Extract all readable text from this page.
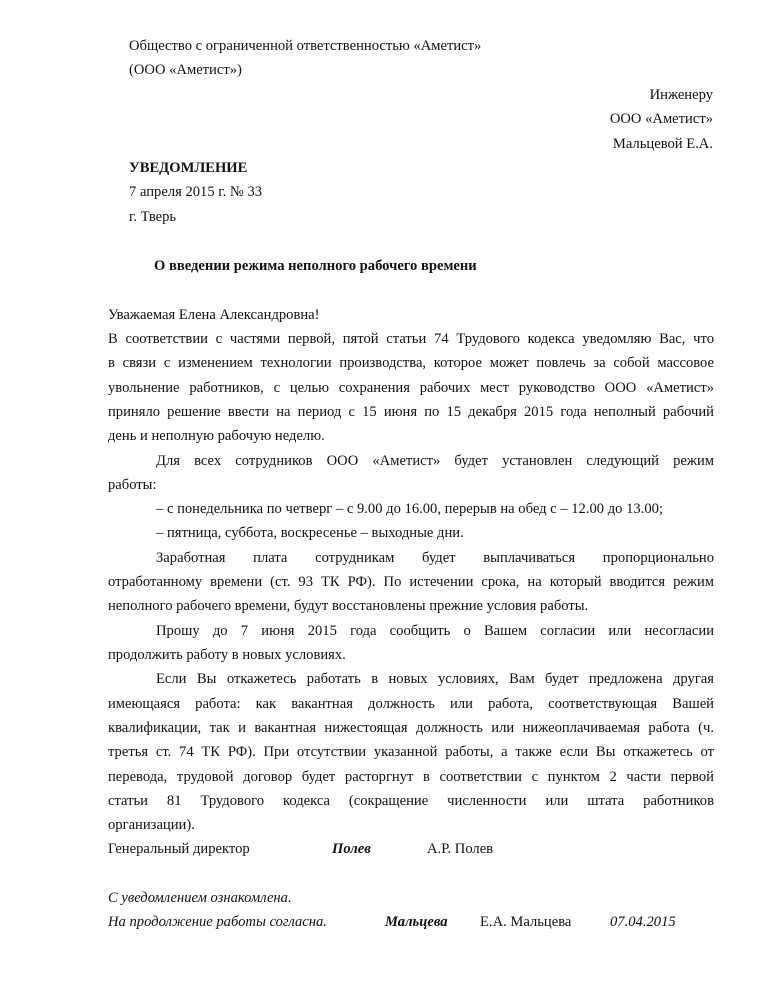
Общество с ограниченной ответственностью «Аметист»
(ООО «Аметист»)
Инженеру
ООО «Аметист»
Мальцевой Е.А.
УВЕДОМЛЕНИЕ
7 апреля 2015 г. № 33
г. Тверь
О введении режима неполного рабочего времени
Уважаемая Елена Александровна!
В соответствии с частями первой, пятой статьи 74 Трудового кодекса уведомляю Вас, что
в связи с изменением технологии производства, которое может повлечь за собой массовое
увольнение работников, с целью сохранения рабочих мест руководство ООО «Аметист»
приняло решение ввести на период с 15 июня по 15 декабря 2015 года неполный рабочий
день и неполную рабочую неделю.
Для всех сотрудников ООО «Аметист» будет установлен следующий режим
работы:
– с понедельника по четверг – с 9.00 до 16.00, перерыв на обед с – 12.00 до 13.00;
– пятница, суббота, воскресенье – выходные дни.
Заработная плата сотрудникам будет выплачиваться пропорционально
отработанному времени (ст. 93 ТК РФ). По истечении срока, на который вводится режим
неполного рабочего времени, будут восстановлены прежние условия работы.
Прошу до 7 июня 2015 года сообщить о Вашем согласии или несогласии
продолжить работу в новых условиях.
Если Вы откажетесь работать в новых условиях, Вам будет предложена другая
имеющаяся работа: как вакантная должность или работа, соответствующая Вашей
квалификации, так и вакантная нижестоящая должность или нижеоплачиваемая работа (ч.
третья ст. 74 ТК РФ). При отсутствии указанной работы, а также если Вы откажетесь от
перевода, трудовой договор будет расторгнут в соответствии с пунктом 2 части первой
статьи 81 Трудового кодекса (сокращение численности или штата работников
организации).
Генеральный директор	Полев	А.Р. Полев
С уведомлением ознакомлена.
На продолжение работы согласна.	Мальцева Е.А. Мальцева	07.04.2015
